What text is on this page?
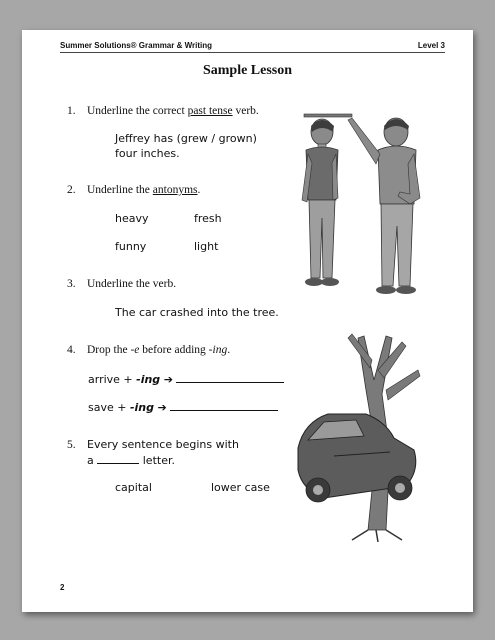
Summer Solutions® Grammar & Writing	Level 3
Sample Lesson
1. Underline the correct past tense verb.
Jeffrey has (grew / grown)
four inches.
2. Underline the antonyms.
heavy	fresh
funny	light
3. Underline the verb.
The car crashed into the tree.
4. Drop the -e before adding -ing.
arrive + -ing ➔
save + -ing ➔
5. Every sentence begins with
a	letter.
capital	lower case
2
